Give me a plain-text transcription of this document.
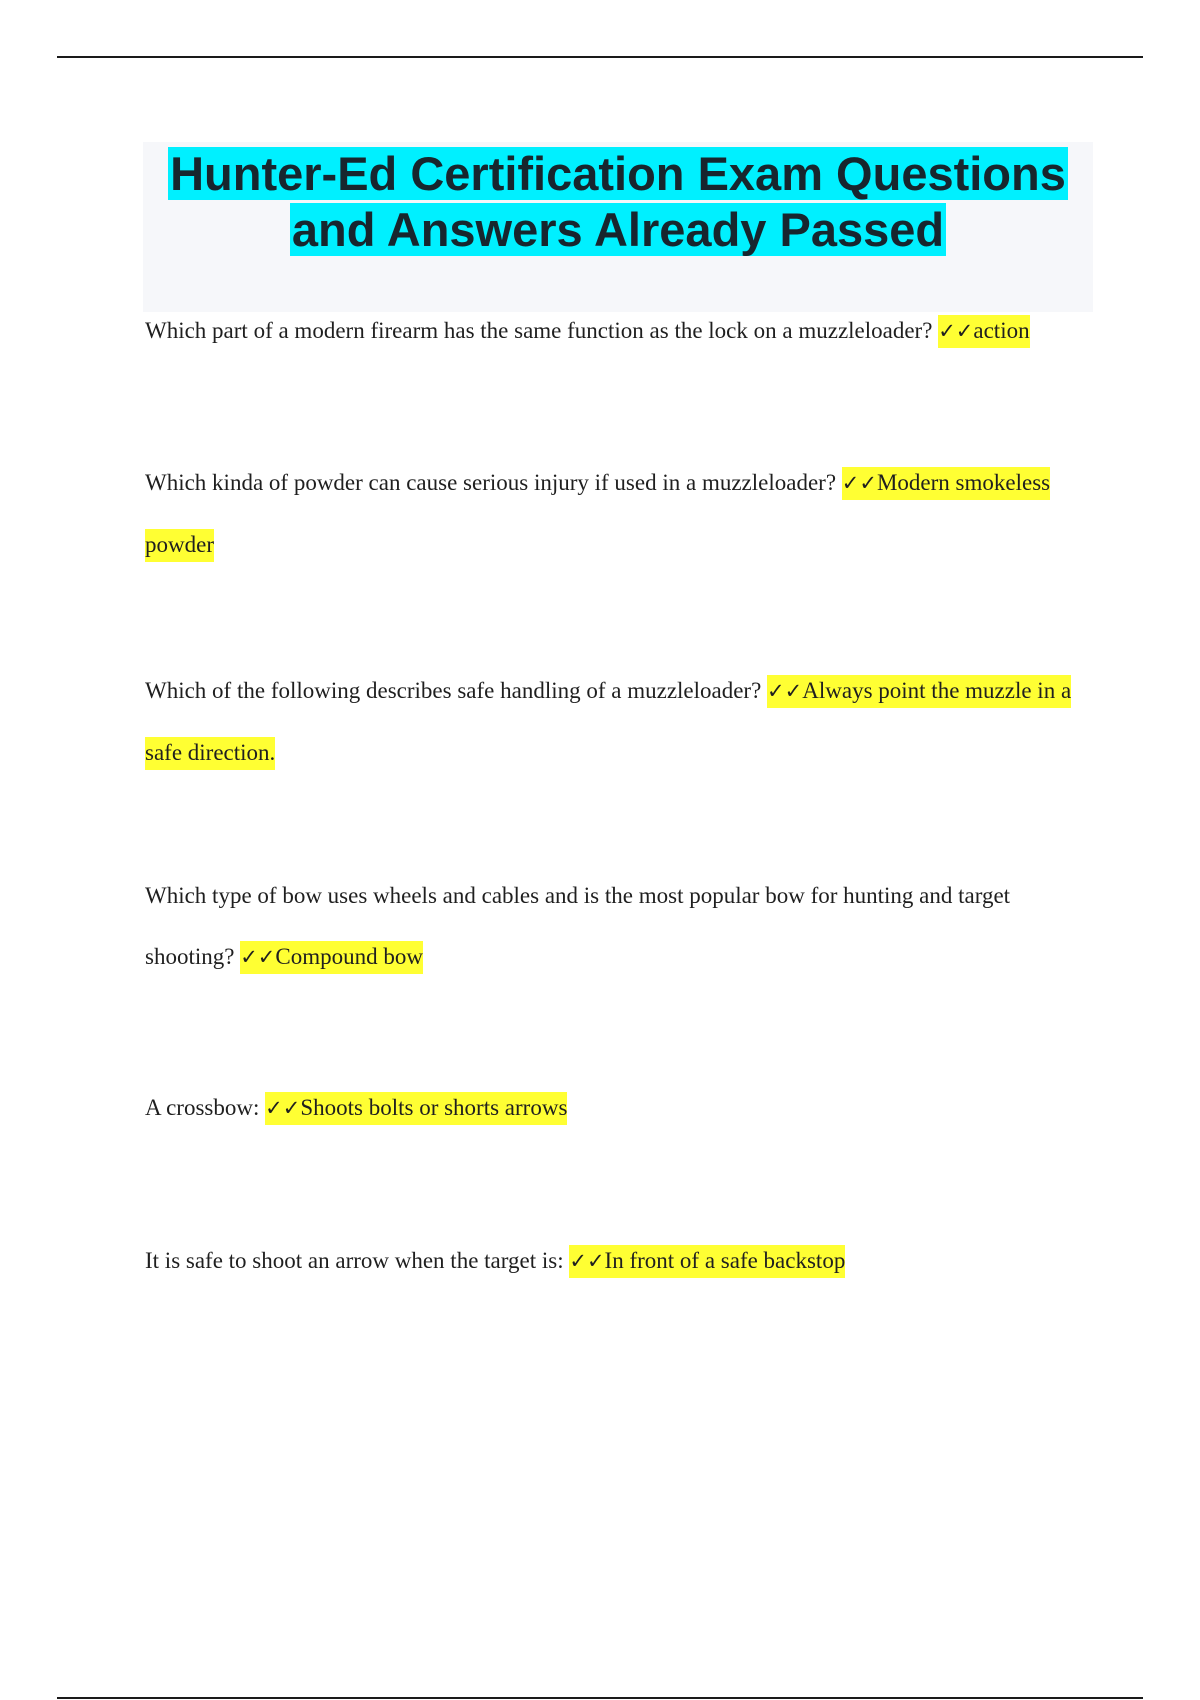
Hunter-Ed Certification Exam Questions
and Answers Already Passed

Which part of a modern firearm has the same function as the lock on a muzzleloader? ✓✓action

Which kinda of powder can cause serious injury if used in a muzzleloader? ✓✓Modern smokeless powder

Which of the following describes safe handling of a muzzleloader? ✓✓Always point the muzzle in a safe direction.

Which type of bow uses wheels and cables and is the most popular bow for hunting and target shooting? ✓✓Compound bow

A crossbow: ✓✓Shoots bolts or shorts arrows

It is safe to shoot an arrow when the target is: ✓✓In front of a safe backstop
